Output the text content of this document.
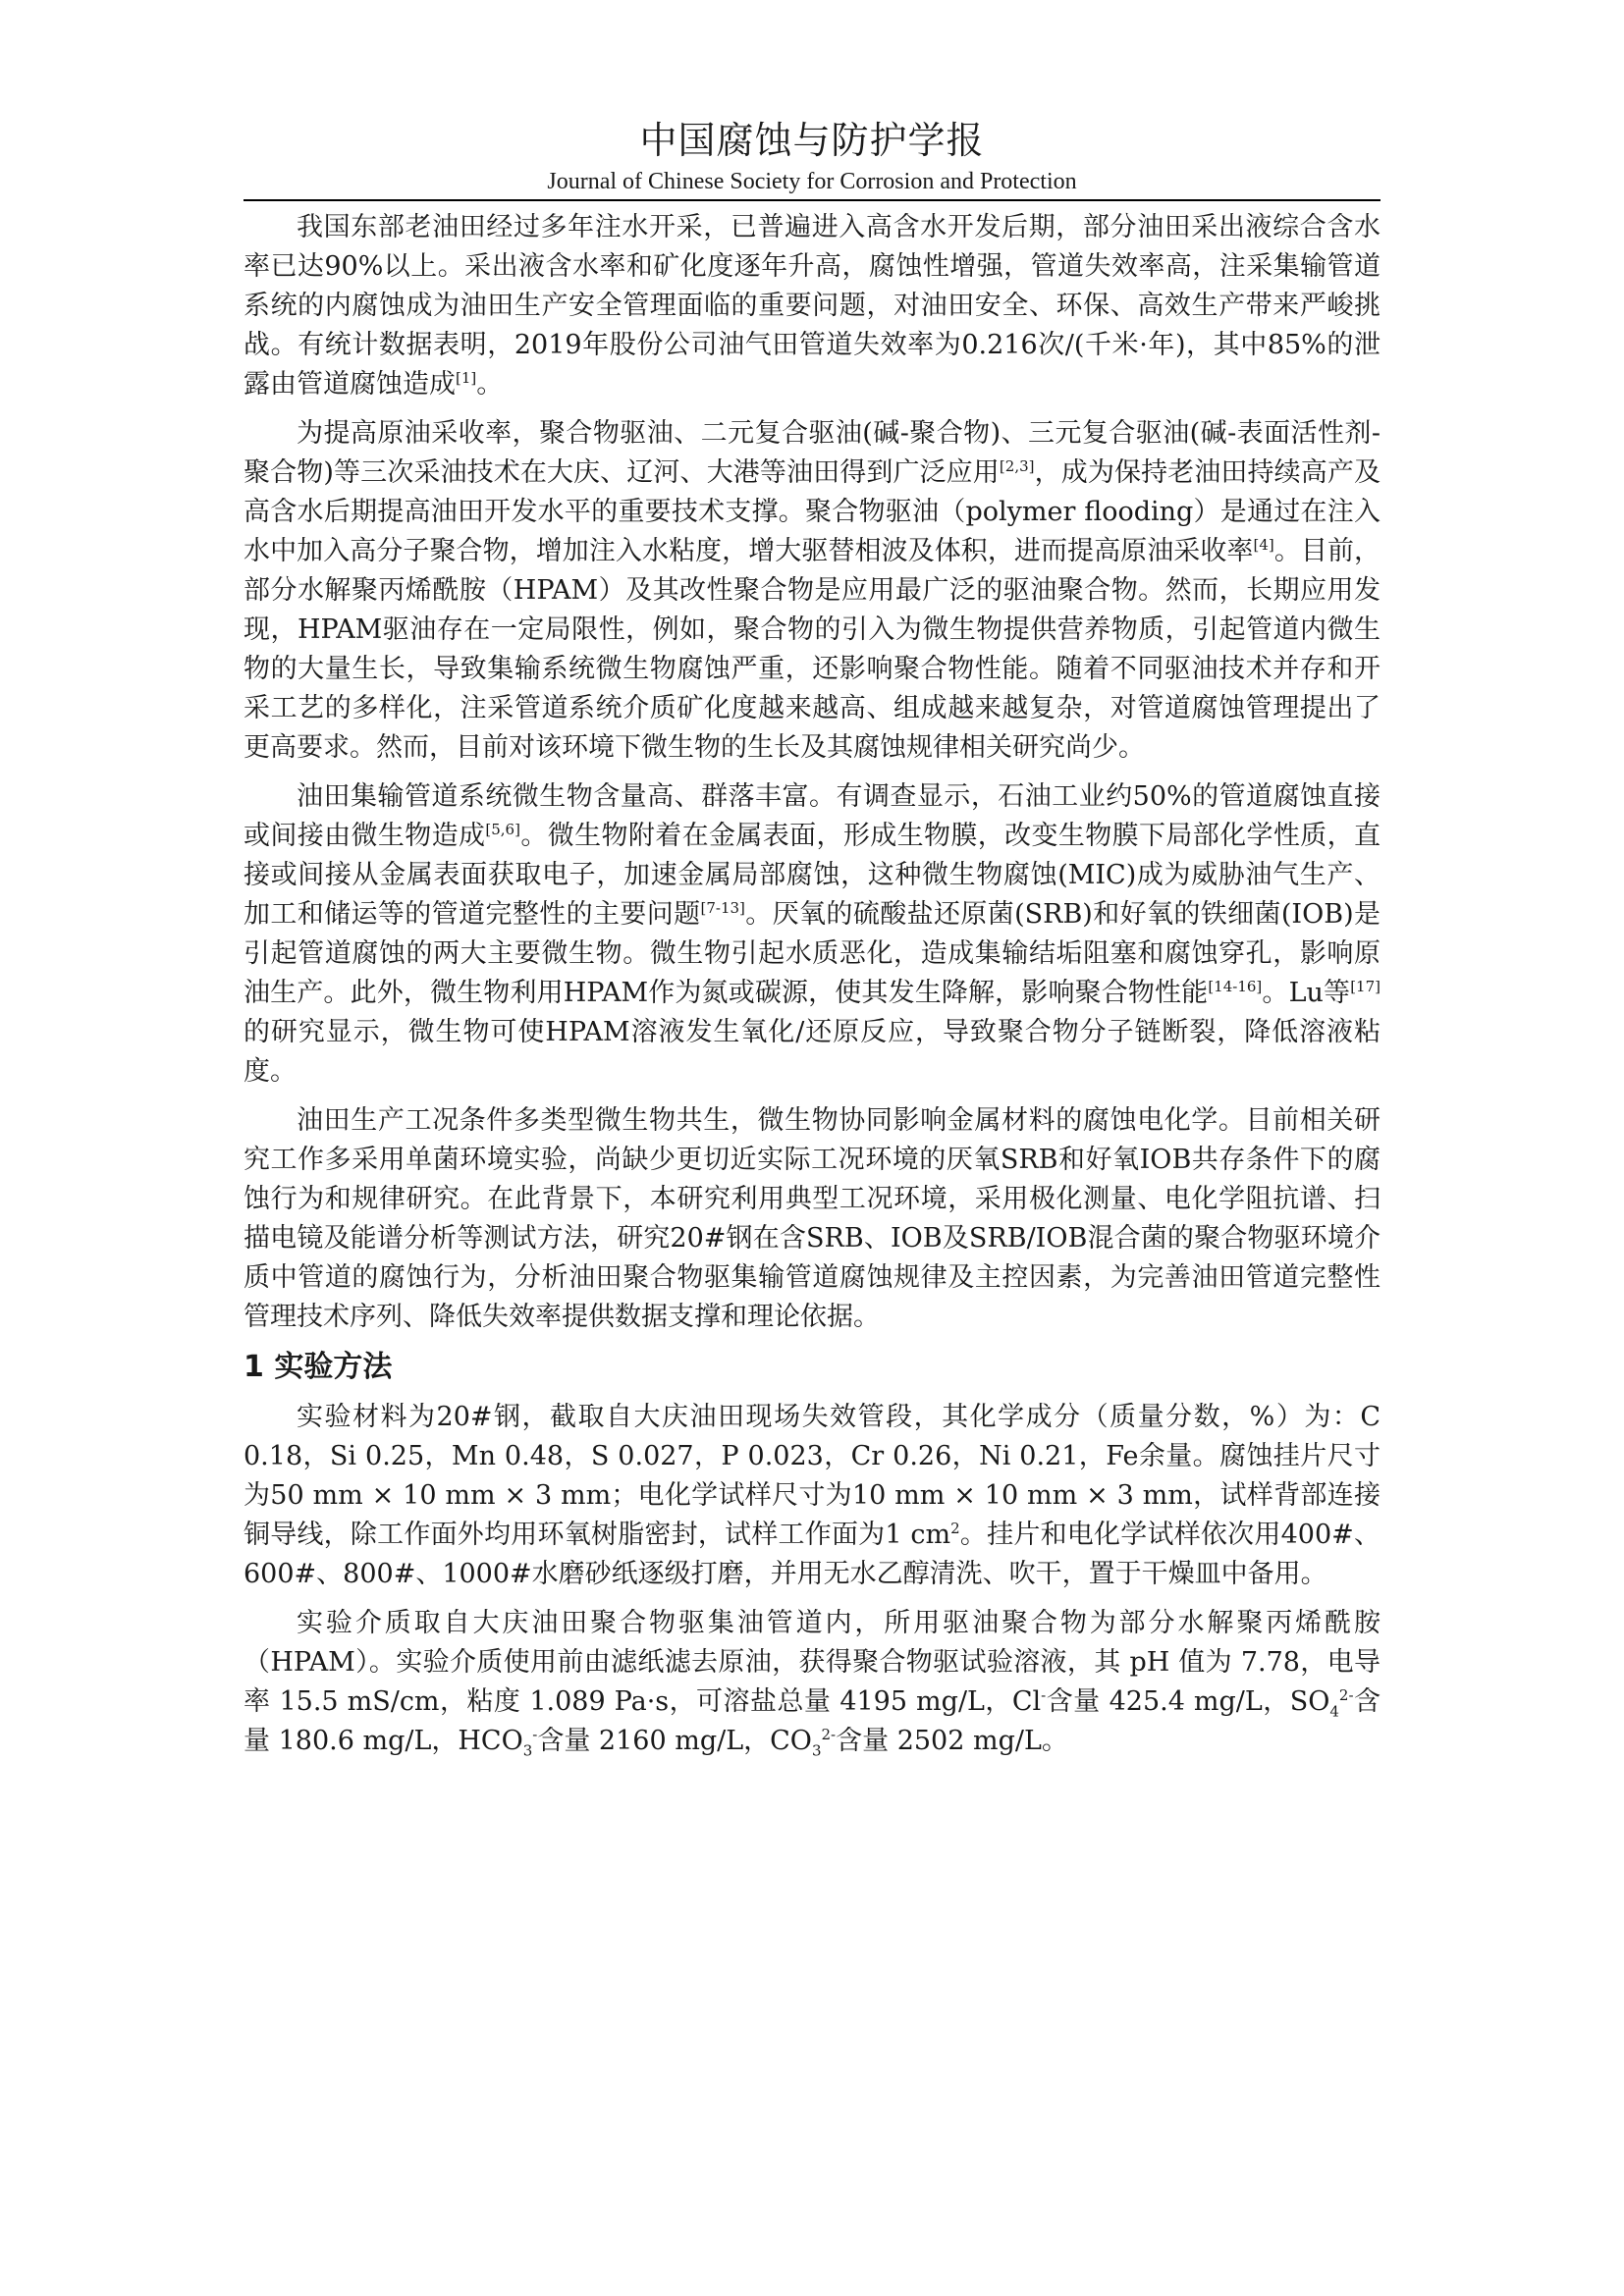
中国腐蚀与防护学报
Journal of Chinese Society for Corrosion and Protection

我国东部老油田经过多年注水开采，已普遍进入高含水开发后期，部分油田采出液综合含水率已达90%以上。采出液含水率和矿化度逐年升高，腐蚀性增强，管道失效率高，注采集输管道系统的内腐蚀成为油田生产安全管理面临的重要问题，对油田安全、环保、高效生产带来严峻挑战。有统计数据表明，2019年股份公司油气田管道失效率为0.216次/(千米·年)，其中85%的泄露由管道腐蚀造成[1]。

为提高原油采收率，聚合物驱油、二元复合驱油(碱-聚合物)、三元复合驱油(碱-表面活性剂-聚合物)等三次采油技术在大庆、辽河、大港等油田得到广泛应用[2,3]，成为保持老油田持续高产及高含水后期提高油田开发水平的重要技术支撑。聚合物驱油（polymer flooding）是通过在注入水中加入高分子聚合物，增加注入水粘度，增大驱替相波及体积，进而提高原油采收率[4]。目前，部分水解聚丙烯酰胺（HPAM）及其改性聚合物是应用最广泛的驱油聚合物。然而，长期应用发现，HPAM驱油存在一定局限性，例如，聚合物的引入为微生物提供营养物质，引起管道内微生物的大量生长，导致集输系统微生物腐蚀严重，还影响聚合物性能。随着不同驱油技术并存和开采工艺的多样化，注采管道系统介质矿化度越来越高、组成越来越复杂，对管道腐蚀管理提出了更高要求。然而，目前对该环境下微生物的生长及其腐蚀规律相关研究尚少。

油田集输管道系统微生物含量高、群落丰富。有调查显示，石油工业约50%的管道腐蚀直接或间接由微生物造成[5,6]。微生物附着在金属表面，形成生物膜，改变生物膜下局部化学性质，直接或间接从金属表面获取电子，加速金属局部腐蚀，这种微生物腐蚀(MIC)成为威胁油气生产、加工和储运等的管道完整性的主要问题[7-13]。厌氧的硫酸盐还原菌(SRB)和好氧的铁细菌(IOB)是引起管道腐蚀的两大主要微生物。微生物引起水质恶化，造成集输结垢阻塞和腐蚀穿孔，影响原油生产。此外，微生物利用HPAM作为氮或碳源，使其发生降解，影响聚合物性能[14-16]。Lu等[17]的研究显示，微生物可使HPAM溶液发生氧化/还原反应，导致聚合物分子链断裂，降低溶液粘度。

油田生产工况条件多类型微生物共生，微生物协同影响金属材料的腐蚀电化学。目前相关研究工作多采用单菌环境实验，尚缺少更切近实际工况环境的厌氧SRB和好氧IOB共存条件下的腐蚀行为和规律研究。在此背景下，本研究利用典型工况环境，采用极化测量、电化学阻抗谱、扫描电镜及能谱分析等测试方法，研究20#钢在含SRB、IOB及SRB/IOB混合菌的聚合物驱环境介质中管道的腐蚀行为，分析油田聚合物驱集输管道腐蚀规律及主控因素，为完善油田管道完整性管理技术序列、降低失效率提供数据支撑和理论依据。

1 实验方法

实验材料为20#钢，截取自大庆油田现场失效管段，其化学成分（质量分数，%）为：C 0.18，Si 0.25，Mn 0.48，S 0.027，P 0.023，Cr 0.26，Ni 0.21，Fe余量。腐蚀挂片尺寸为50 mm × 10 mm × 3 mm；电化学试样尺寸为10 mm × 10 mm × 3 mm，试样背部连接铜导线，除工作面外均用环氧树脂密封，试样工作面为1 $cm^2$。挂片和电化学试样依次用400#、600#、800#、1000#水磨砂纸逐级打磨，并用无水乙醇清洗、吹干，置于干燥皿中备用。

实验介质取自大庆油田聚合物驱集油管道内，所用驱油聚合物为部分水解聚丙烯酰胺（HPAM）。实验介质使用前由滤纸滤去原油，获得聚合物驱试验溶液，其 pH 值为 7.78，电导率 15.5 mS/cm，粘度 1.089 Pa·s，可溶盐总量 4195 mg/L，Cl-含量 425.4 mg/L，$SO_4^{2-}$含量 180.6 mg/L，$HCO_3^-$含量 2160 mg/L，$CO_3^{2-}$含量 2502 mg/L。
